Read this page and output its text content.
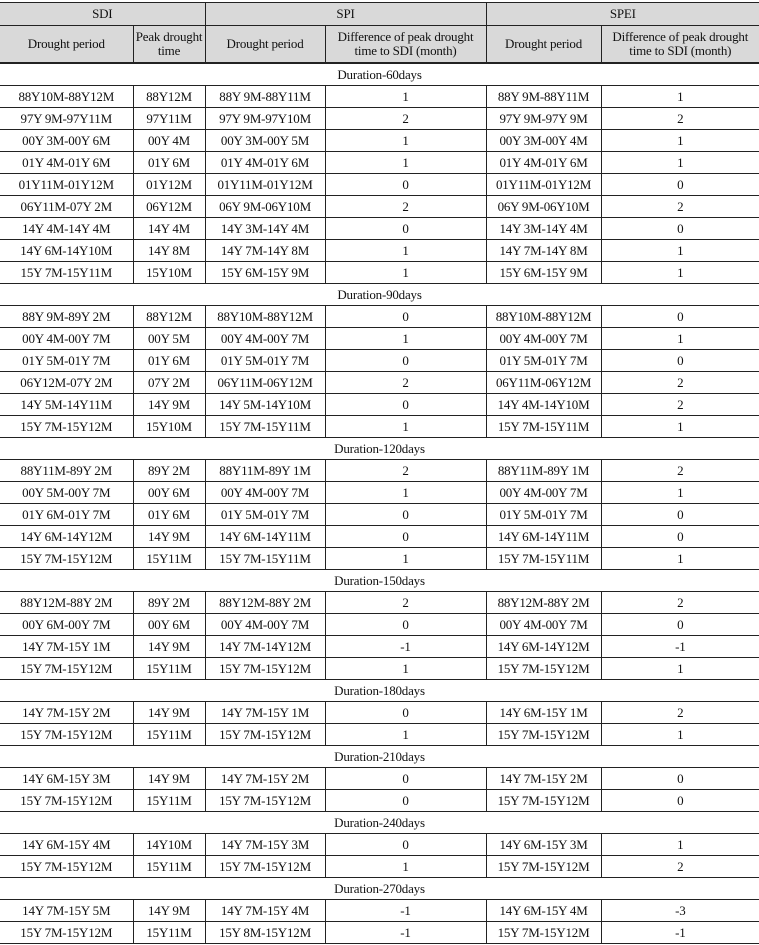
SDI		SPI		SPEI	
Drought period	Peak drought time	Drought period	Difference of peak drought time to SDI (month)	Drought period	Difference of peak drought time to SDI (month)
Duration-60days					
88Y10M-88Y12M	88Y12M	88Y 9M-88Y11M	1	88Y 9M-88Y11M	1
97Y 9M-97Y11M	97Y11M	97Y 9M-97Y10M	2	97Y 9M-97Y 9M	2
00Y 3M-00Y 6M	00Y 4M	00Y 3M-00Y 5M	1	00Y 3M-00Y 4M	1
01Y 4M-01Y 6M	01Y 6M	01Y 4M-01Y 6M	1	01Y 4M-01Y 6M	1
01Y11M-01Y12M	01Y12M	01Y11M-01Y12M	0	01Y11M-01Y12M	0
06Y11M-07Y 2M	06Y12M	06Y 9M-06Y10M	2	06Y 9M-06Y10M	2
14Y 4M-14Y 4M	14Y 4M	14Y 3M-14Y 4M	0	14Y 3M-14Y 4M	0
14Y 6M-14Y10M	14Y 8M	14Y 7M-14Y 8M	1	14Y 7M-14Y 8M	1
15Y 7M-15Y11M	15Y10M	15Y 6M-15Y 9M	1	15Y 6M-15Y 9M	1
Duration-90days					
88Y 9M-89Y 2M	88Y12M	88Y10M-88Y12M	0	88Y10M-88Y12M	0
00Y 4M-00Y 7M	00Y 5M	00Y 4M-00Y 7M	1	00Y 4M-00Y 7M	1
01Y 5M-01Y 7M	01Y 6M	01Y 5M-01Y 7M	0	01Y 5M-01Y 7M	0
06Y12M-07Y 2M	07Y 2M	06Y11M-06Y12M	2	06Y11M-06Y12M	2
14Y 5M-14Y11M	14Y 9M	14Y 5M-14Y10M	0	14Y 4M-14Y10M	2
15Y 7M-15Y12M	15Y10M	15Y 7M-15Y11M	1	15Y 7M-15Y11M	1
Duration-120days					
88Y11M-89Y 2M	89Y 2M	88Y11M-89Y 1M	2	88Y11M-89Y 1M	2
00Y 5M-00Y 7M	00Y 6M	00Y 4M-00Y 7M	1	00Y 4M-00Y 7M	1
01Y 6M-01Y 7M	01Y 6M	01Y 5M-01Y 7M	0	01Y 5M-01Y 7M	0
14Y 6M-14Y12M	14Y 9M	14Y 6M-14Y11M	0	14Y 6M-14Y11M	0
15Y 7M-15Y12M	15Y11M	15Y 7M-15Y11M	1	15Y 7M-15Y11M	1
Duration-150days					
88Y12M-88Y 2M	89Y 2M	88Y12M-88Y 2M	2	88Y12M-88Y 2M	2
00Y 6M-00Y 7M	00Y 6M	00Y 4M-00Y 7M	0	00Y 4M-00Y 7M	0
14Y 7M-15Y 1M	14Y 9M	14Y 7M-14Y12M	-1	14Y 6M-14Y12M	-1
15Y 7M-15Y12M	15Y11M	15Y 7M-15Y12M	1	15Y 7M-15Y12M	1
Duration-180days					
14Y 7M-15Y 2M	14Y 9M	14Y 7M-15Y 1M	0	14Y 6M-15Y 1M	2
15Y 7M-15Y12M	15Y11M	15Y 7M-15Y12M	1	15Y 7M-15Y12M	1
Duration-210days					
14Y 6M-15Y 3M	14Y 9M	14Y 7M-15Y 2M	0	14Y 7M-15Y 2M	0
15Y 7M-15Y12M	15Y11M	15Y 7M-15Y12M	0	15Y 7M-15Y12M	0
Duration-240days					
14Y 6M-15Y 4M	14Y10M	14Y 7M-15Y 3M	0	14Y 6M-15Y 3M	1
15Y 7M-15Y12M	15Y11M	15Y 7M-15Y12M	1	15Y 7M-15Y12M	2
Duration-270days					
14Y 7M-15Y 5M	14Y 9M	14Y 7M-15Y 4M	-1	14Y 6M-15Y 4M	-3
15Y 7M-15Y12M	15Y11M	15Y 8M-15Y12M	-1	15Y 7M-15Y12M	-1
